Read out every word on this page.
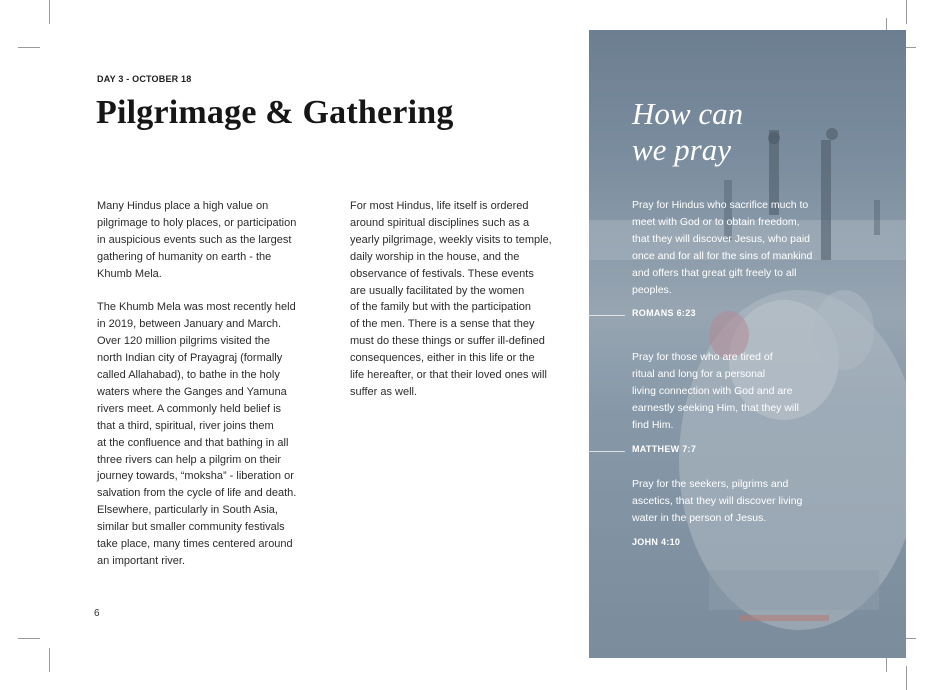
DAY 3 - OCTOBER 18
Pilgrimage & Gathering

Many Hindus place a high value on
pilgrimage to holy places, or participation
in auspicious events such as the largest
gathering of humanity on earth - the
Khumb Mela.

The Khumb Mela was most recently held
in 2019, between January and March.
Over 120 million pilgrims visited the
north Indian city of Prayagraj (formally
called Allahabad), to bathe in the holy
waters where the Ganges and Yamuna
rivers meet. A commonly held belief is
that a third, spiritual, river joins them
at the confluence and that bathing in all
three rivers can help a pilgrim on their
journey towards, “moksha” - liberation or
salvation from the cycle of life and death.
Elsewhere, particularly in South Asia,
similar but smaller community festivals
take place, many times centered around
an important river.

For most Hindus, life itself is ordered
around spiritual disciplines such as a
yearly pilgrimage, weekly visits to temple,
daily worship in the house, and the
observance of festivals. These events
are usually facilitated by the women
of the family but with the participation
of the men. There is a sense that they
must do these things or suffer ill-defined
consequences, either in this life or the
life hereafter, or that their loved ones will
suffer as well.

6
How can
we pray

Pray for Hindus who sacrifice much to
meet with God or to obtain freedom,
that they will discover Jesus, who paid
once and for all for the sins of mankind
and offers that great gift freely to all
peoples.

ROMANS 6:23

Pray for those who are tired of
ritual and long for a personal
living connection with God and are
earnestly seeking Him, that they will
find Him.

MATTHEW 7:7

Pray for the seekers, pilgrims and
ascetics, that they will discover living
water in the person of Jesus.

JOHN 4:10
